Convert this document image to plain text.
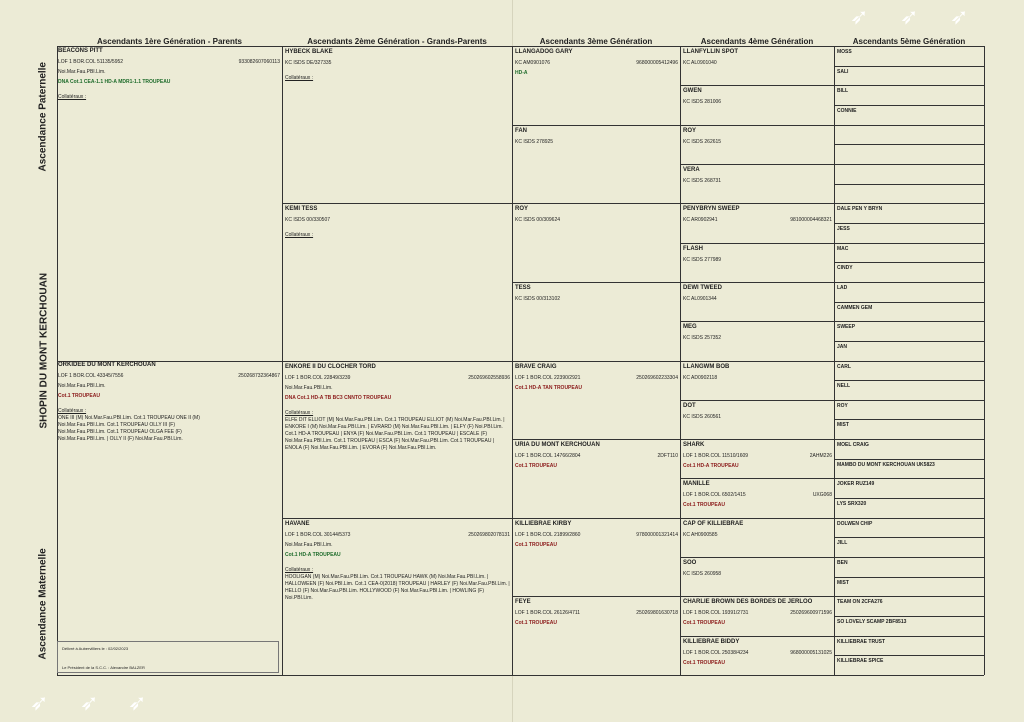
➶ ➶ ➶
➶ ➶ ➶
Ascendants 1ère Génération - Parents	Ascendants 2ème Génération - Grands-Parents	Ascendants 3ème Génération	Ascendants 4ème Génération	Ascendants 5ème Génération
Ascendance Paternelle
SHOPIN DU MONT KERCHOUAN
Ascendance Maternelle
BEACONS PITT
LOF 1 BOR.COL 51135/5952	933082607060113
Noi.Mar.Fau.PBI.Lim.
DNA Cot.1 CEA-1.1 HD-A MDR1-1.1 TROUPEAU
Collatéraux :
ORKIDEE DU MONT KERCHOUAN
LOF 1 BOR.COL 43345/7556	250268732364867
Noi.Mar.Fau.PBI.Lim.
Cot.1 TROUPEAU
Collatéraux :
ONE III (M) Noi.Mar.Fau.PBI.Lim. Cot.1 TROUPEAU ONE II (M) Noi.Mar.Fau.PBI.Lim. Cot.1 TROUPEAU OLLY III (F) Noi.Mar.Fau.PBI.Lim. Cot.1 TROUPEAU OLGA FEE (F) Noi.Mar.Fau.PBI.Lim. | OLLY II (F) Noi.Mar.Fau.PBI.Lim.
Délivré à Aubervilliers le : 02/02/2023
Le Président de la S.C.C. : Alexandre BALZER
HYBECK BLAKE
KC ISDS DE/327335
Collatéraux :
KEMI TESS
KC ISDS 00/330507
Collatéraux :
ENKORE II DU CLOCHER TORD
LOF 1 BOR.COL 22849/3239	250269602558936
Noi.Mar.Fau.PBI.Lim.
DNA Cot.1 HD-A TB BC3 CNNTO TROUPEAU
Collatéraux :
ELFE DIT ELLIOT (M) Noi.Mar.Fau.PBI.Lim. Cot.1 TROUPEAU ELLIOT (M) Noi.Mar.Fau.PBI.Lim. | ENKORE I (M) Noi.Mar.Fau.PBI.Lim. | EVRARD (M) Noi.Mar.Fau.PBI.Lim. | ELFY (F) Noi.PBI.Lim. Cot.1 HD-A TROUPEAU | ENYA (F) Noi.Mar.Fau.PBI.Lim. Cot.1 TROUPEAU | ESCALE (F) Noi.Mar.Fau.PBI.Lim. Cot.1 TROUPEAU | ESCA (F) Noi.Mar.Fau.PBI.Lim. Cot.1 TROUPEAU | ENOLA (F) Noi.Mar.Fau.PBI.Lim. | EVORA (F) Noi.Mar.Fau.PBI.Lim.
HAVANE
LOF 1 BOR.COL 30144/5373	250269802078131
Noi.Mar.Fau.PBI.Lim.
Cot.1 HD-A TROUPEAU
Collatéraux :
HOOLIGAN (M) Noi.Mar.Fau.PBI.Lim. Cot.1 TROUPEAU HAWK (M) Noi.Mar.Fau.PBI.Lim. | HALLOWEEN (F) Noi.PBI.Lim. Cot.1 CEA-0(2018) TROUPEAU | HARLEY (F) Noi.Mar.Fau.PBI.Lim. | HELLO (F) Noi.Mar.Fau.PBI.Lim. HOLLYWOOD (F) Noi.Mar.Fau.PBI.Lim. | HOWLING (F) Noi.PBI.Lim.
LLANGADOG GARY
KC AM0901076	968000005412496
HD-A
FAN
KC ISDS 278925
ROY
KC ISDS 00/309624
TESS
KC ISDS 00/313102
BRAVE CRAIG
LOF 1 BOR.COL 22390/2921	250269602233304
Cot.1 HD-A TAN TROUPEAU
URIA DU MONT KERCHOUAN
LOF 1 BOR.COL 14766/2804	2DFT110
Cot.1 TROUPEAU
KILLIEBRAE KIRBY
LOF 1 BOR.COL 21899/2860	978000001321414
Cot.1 TROUPEAU
FEYE
LOF 1 BOR.COL 26126/4711	250269801630718
Cot.1 TROUPEAU
LLANFYLLIN SPOT
KC AL0901040
GWEN
KC ISDS 281006
ROY
KC ISDS 262615
VERA
KC ISDS 268731
PENYBRYN SWEEP
KC AR0902941	981000004468321
FLASH
KC ISDS 277989
DEWI TWEED
KC AL0901344
MEG
KC ISDS 257352
LLANGWM BOB
KC AD0902118
DOT
KC ISDS 260561
SHARK
LOF 1 BOR.COL 11510/1609	2AHM226
Cot.1 HD-A TROUPEAU
MANILLE
LOF 1 BOR.COL 6502/1415	UXG068
Cot.1 TROUPEAU
CAP OF KILLIEBRAE
KC AH0900585
SOO
KC ISDS 260958
CHARLIE BROWN DES BORDES DE JERLOO
LOF 1 BOR.COL 19391/2731	250269600971596
Cot.1 TROUPEAU
KILLIEBRAE BIDDY
LOF 1 BOR.COL 25038/4234	968000005131025
Cot.1 TROUPEAU
MOSS
SALI
BILL
CONNIE
DALE PEN Y BRYN
JESS
MAC
CINDY
LAD
CAMMEN GEM
SWEEP
JAN
CARL
NELL
ROY
MIST
MOEL CRAIG
MAMBO DU MONT KERCHOUAN UK5823
JOKER RUZ149
LYS SRX320
DOLWEN CHIP
JILL
BEN
MIST
TEAM ON 2CFA276
SO LOVELY SCAMP 2BF8513
KILLIEBRAE TRUST
KILLIEBRAE SPICE
